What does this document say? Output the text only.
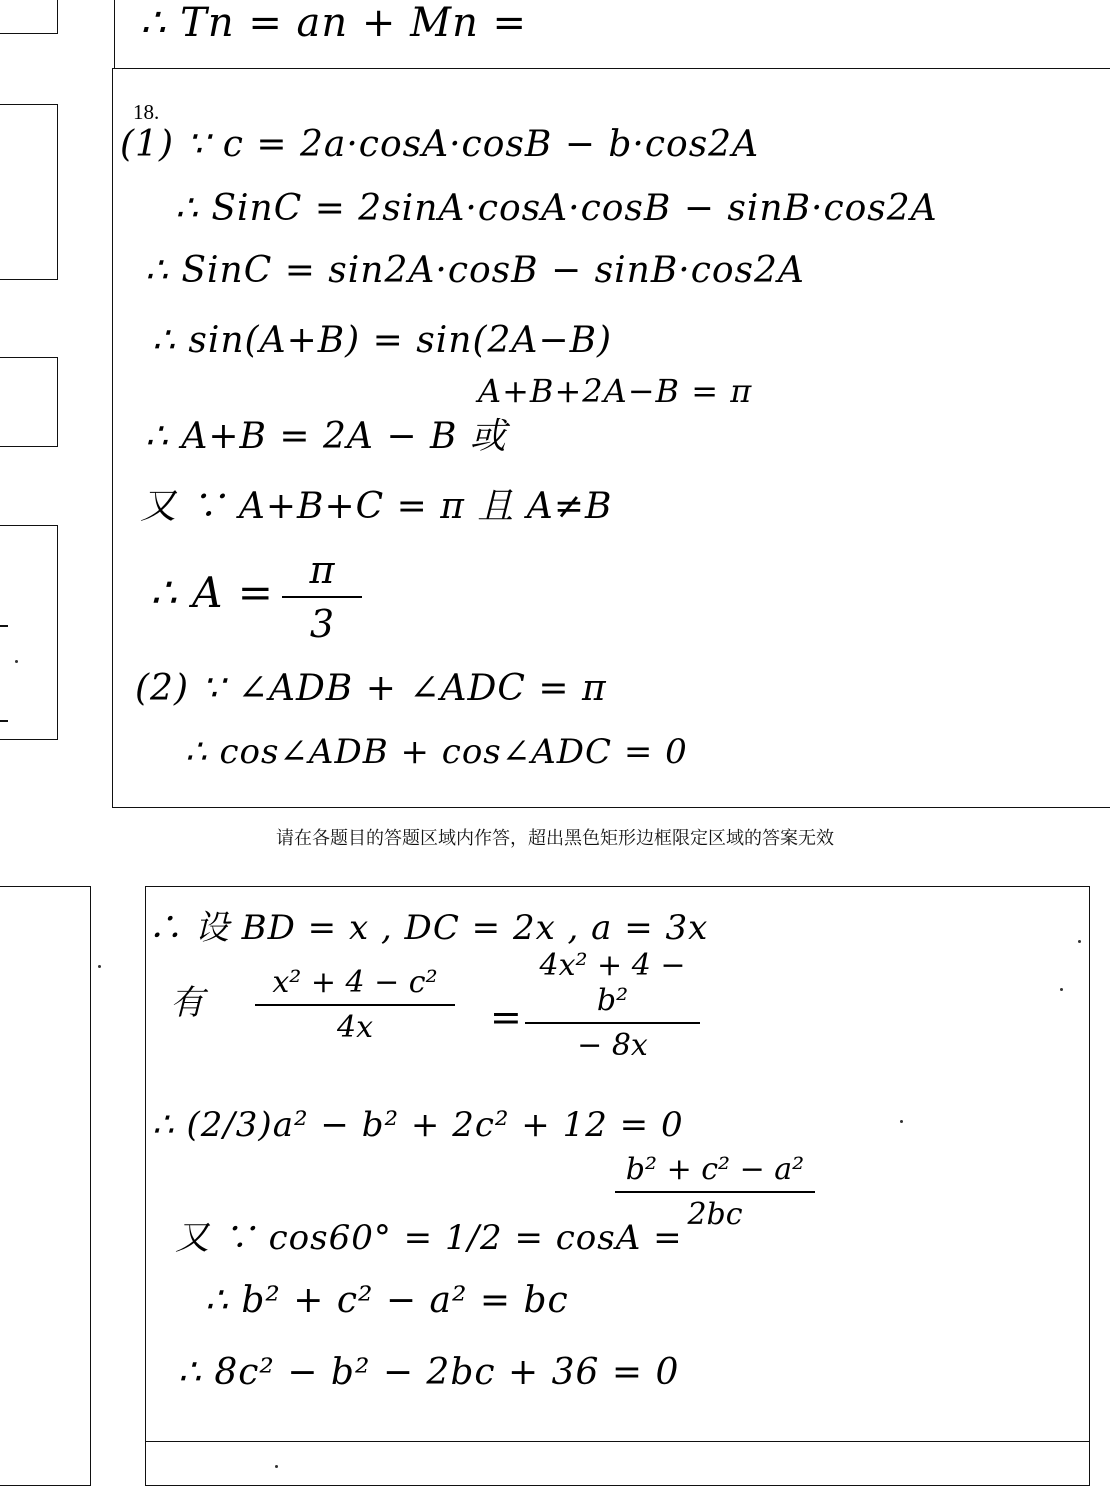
∴ Tn = an + Mn =
18.
(1) ∵ c = 2a·cosA·cosB − b·cos2A
∴ SinC = 2sinA·cosA·cosB − sinB·cos2A
∴ SinC = sin2A·cosB − sinB·cos2A
∴ sin(A+B) = sin(2A−B)
∴ A+B = 2A − B 或
A+B+2A−B = π
又 ∵ A+B+C = π 且 A≠B
∴ A = π
3
(2) ∵ ∠ADB + ∠ADC = π
∴ cos∠ADB + cos∠ADC = 0
请在各题目的答题区域内作答，超出黑色矩形边框限定区域的答案无效
∴ 设 BD = x , DC = 2x , a = 3x
有
x² + 4 − c²
4x	=
4x² + 4 − b²
− 8x
∴ (2/3)a² − b² + 2c² + 12 = 0
又 ∵ cos60° = 1/2 = cosA =
b² + c² − a²
2bc
∴ b² + c² − a² = bc
∴ 8c² − b² − 2bc + 36 = 0
